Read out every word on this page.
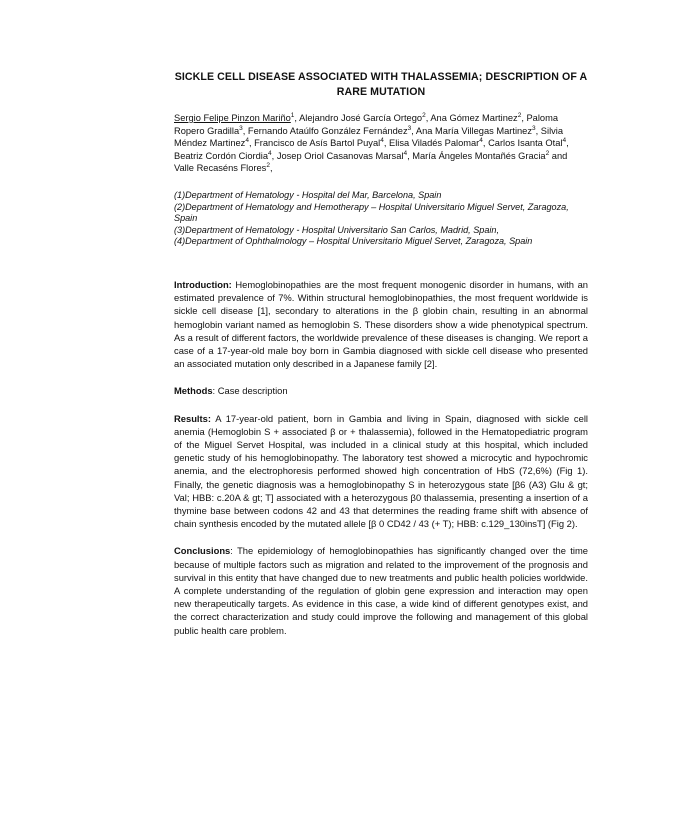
SICKLE CELL DISEASE ASSOCIATED WITH THALASSEMIA; DESCRIPTION OF A RARE MUTATION
Sergio Felipe Pinzon Mariño$^1$, Alejandro José García Ortego$^2$, Ana Gómez Martinez$^2$, Paloma Ropero Gradilla$^3$, Fernando Ataúlfo González Fernández$^3$, Ana María Villegas Martinez$^3$, Silvia Méndez Martinez$^4$, Francisco de Asís Bartol Puyal$^4$, Elisa Viladés Palomar$^4$, Carlos Isanta Otal$^4$, Beatriz Cordón Ciordia$^4$, Josep Oriol Casanovas Marsal$^4$, María Ángeles Montañés Gracia$^2$ and Valle Recaséns Flores$^2$,
(1)Department of Hematology - Hospital del Mar, Barcelona, Spain
(2)Department of Hematology and Hemotherapy – Hospital Universitario Miguel Servet, Zaragoza, Spain
(3)Department of Hematology - Hospital Universitario San Carlos, Madrid, Spain,
(4)Department of Ophthalmology – Hospital Universitario Miguel Servet, Zaragoza, Spain

Introduction: Hemoglobinopathies are the most frequent monogenic disorder in humans, with an estimated prevalence of 7%. Within structural hemoglobinopathies, the most frequent worldwide is sickle cell disease [1], secondary to alterations in the β globin chain, resulting in an abnormal hemoglobin variant named as hemoglobin S. These disorders show a wide phenotypical spectrum. As a result of different factors, the worldwide prevalence of these diseases is changing. We report a case of a 17-year-old male boy born in Gambia diagnosed with sickle cell disease who presented an associated mutation only described in a Japanese family [2].

Methods: Case description

Results: A 17-year-old patient, born in Gambia and living in Spain, diagnosed with sickle cell anemia (Hemoglobin S + associated β or + thalassemia), followed in the Hematopediatric program of the Miguel Servet Hospital, was included in a clinical study at this hospital, which included genetic study of his hemoglobinopathy. The laboratory test showed a microcytic and hypochromic anemia, and the electrophoresis performed showed high concentration of HbS (72,6%) (Fig 1). Finally, the genetic diagnosis was a hemoglobinopathy S in heterozygous state [β6 (A3) Glu & gt; Val; HBB: c.20A & gt; T] associated with a heterozygous β0 thalassemia, presenting a insertion of a thymine base between codons 42 and 43 that determines the reading frame shift with absence of chain synthesis encoded by the mutated allele [β 0 CD42 / 43 (+ T); HBB: c.129_130insT] (Fig 2).

Conclusions: The epidemiology of hemoglobinopathies has significantly changed over the time because of multiple factors such as migration and related to the improvement of the prognosis and survival in this entity that have changed due to new treatments and public health policies worldwide. A complete understanding of the regulation of globin gene expression and interaction may open new therapeutically targets. As evidence in this case, a wide kind of different genotypes exist, and the correct characterization and study could improve the following and management of this global public health care problem.
